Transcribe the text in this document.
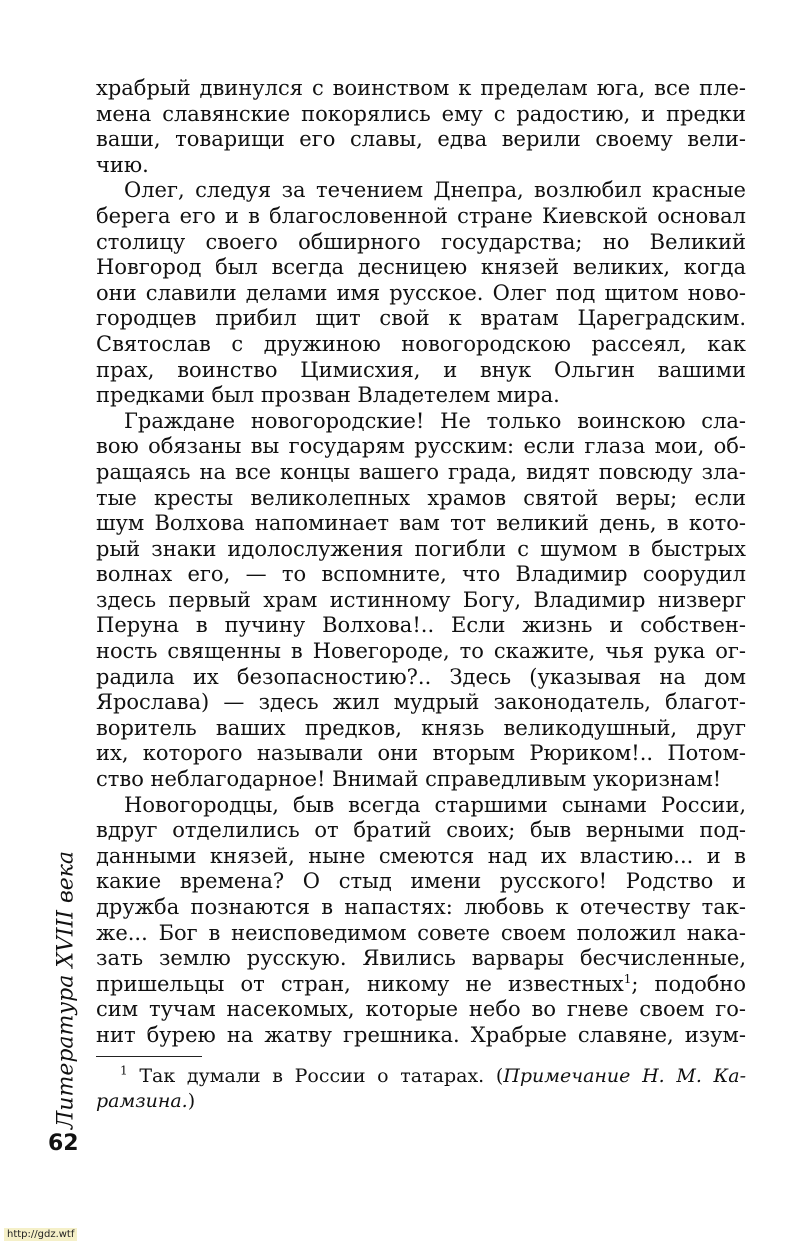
храбрый двинулся с воинством к пределам юга, все пле-
мена славянские покорялись ему с радостию, и предки
ваши, товарищи его славы, едва верили своему вели-
чию.
Олег, следуя за течением Днепра, возлюбил красные
берега его и в благословенной стране Киевской основал
столицу своего обширного государства; но Великий
Новгород был всегда десницею князей великих, когда
они славили делами имя русское. Олег под щитом ново-
городцев прибил щит свой к вратам Цареградским.
Святослав с дружиною новогородскою рассеял, как
прах, воинство Цимисхия, и внук Ольгин вашими
предками был прозван Владетелем мира.
Граждане новогородские! Не только воинскою сла-
вою обязаны вы государям русским: если глаза мои, об-
ращаясь на все концы вашего града, видят повсюду зла-
тые кресты великолепных храмов святой веры; если
шум Волхова напоминает вам тот великий день, в кото-
рый знаки идолослужения погибли с шумом в быстрых
волнах его, — то вспомните, что Владимир соорудил
здесь первый храм истинному Богу, Владимир низверг
Перуна в пучину Волхова!.. Если жизнь и собствен-
ность священны в Новегороде, то скажите, чья рука ог-
радила их безопасностию?.. Здесь (указывая на дом
Ярослава) — здесь жил мудрый законодатель, благот-
воритель ваших предков, князь великодушный, друг
их, которого называли они вторым Рюриком!.. Потом-
ство неблагодарное! Внимай справедливым укоризнам!
Новогородцы, быв всегда старшими сынами России,
вдруг отделились от братий своих; быв верными под-
данными князей, ныне смеются над их властию... и в
какие времена? О стыд имени русского! Родство и
дружба познаются в напастях: любовь к отечеству так-
же... Бог в неисповедимом совете своем положил нака-
зать землю русскую. Явились варвары бесчисленные,
пришельцы от стран, никому не известных$^1$; подобно
сим тучам насекомых, которые небо во гневе своем го-
нит бурею на жатву грешника. Храбрые славяне, изум-
$^1$ Так думали в России о татарах. (Примечание Н. М. Ка-
рамзина.)
Литература XVIII века
62
http://gdz.wtf
